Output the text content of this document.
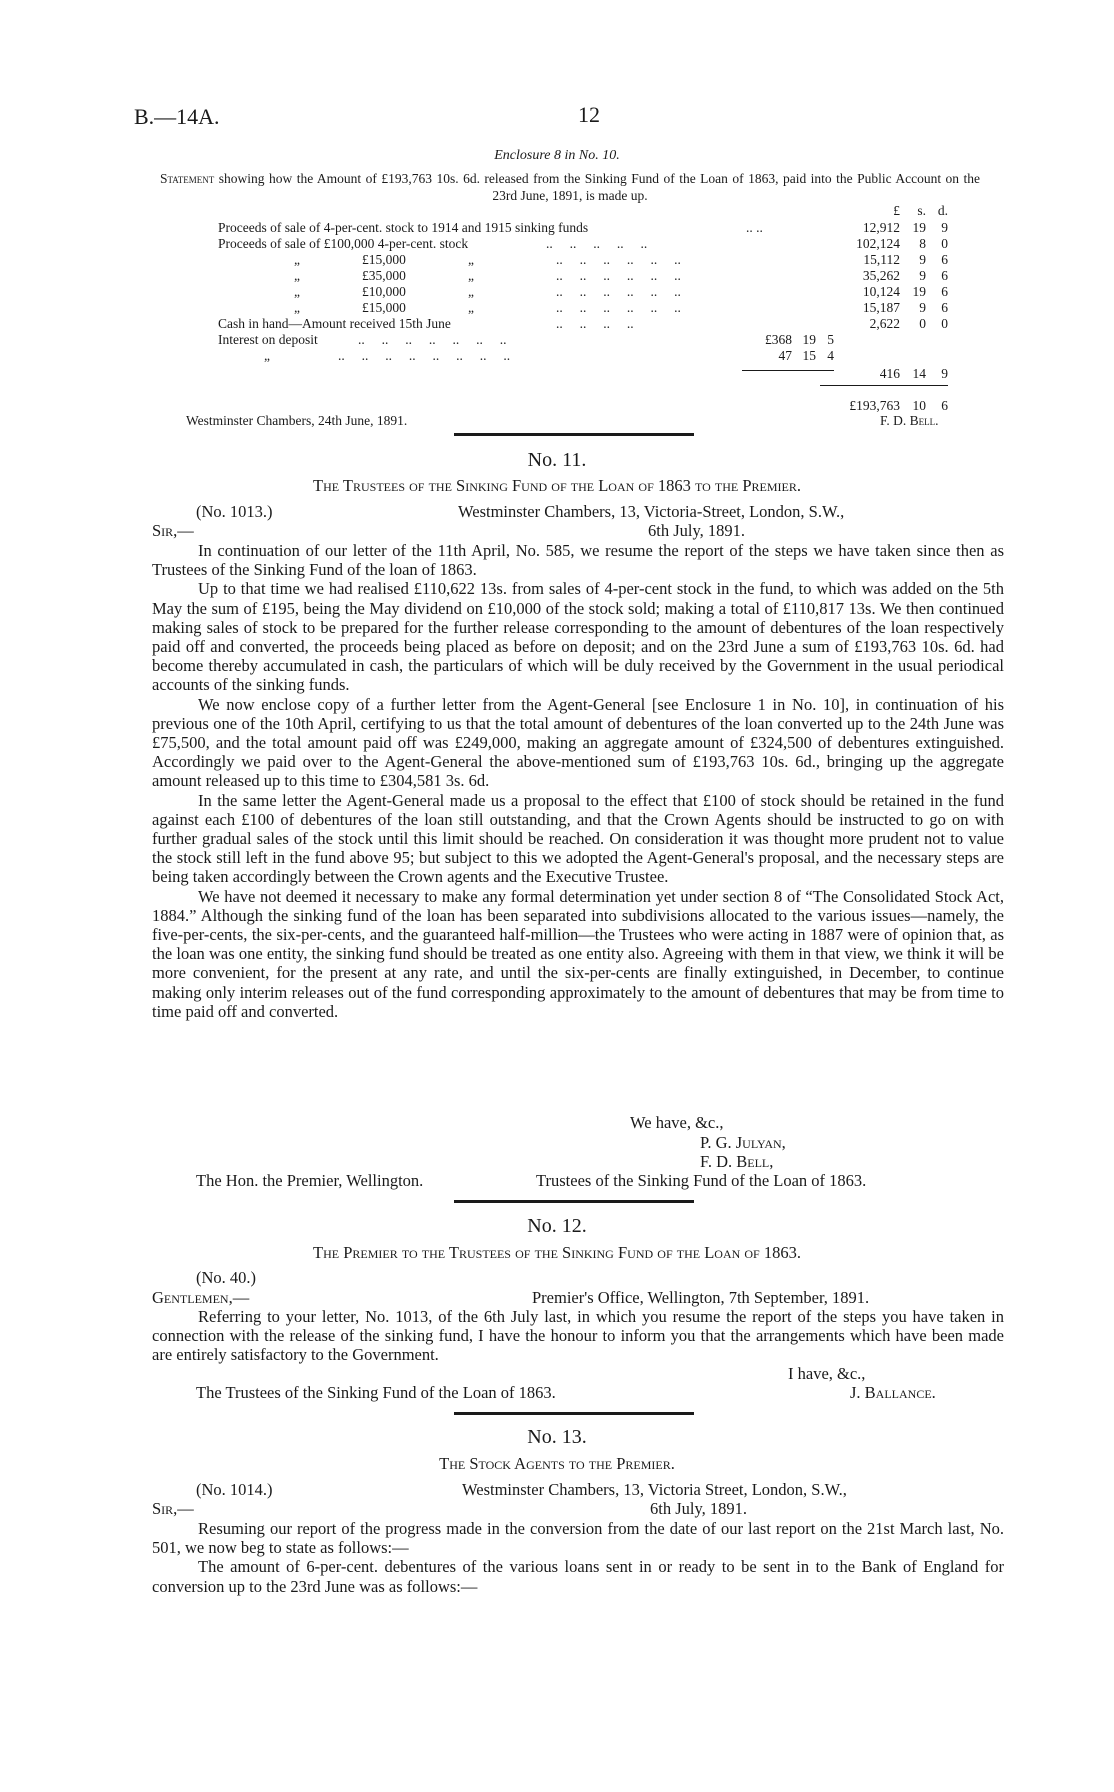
B.—14A.	12
Enclosure 8 in No. 10.

Statement showing how the Amount of £193,763 10s. 6d. released from the Sinking Fund of the Loan of 1863, paid into the Public Account on the 23rd June, 1891, is made up.

£	s. d.
Proceeds of sale of 4-per-cent. stock to 1914 and 1915 sinking funds	.. ..	12,912 19	9
Proceeds of sale of £100,000 4-per-cent. stock	..     ..     ..     ..     ..	102,124	8	0
„	£15,000	„	..     ..     ..     ..     ..     ..	15,112	9	6
„	£35,000	„	..     ..     ..     ..     ..     ..	35,262	9	6
„	£10,000	„	..     ..     ..     ..     ..     ..	10,124 19	6
„	£15,000	„	..     ..     ..     ..     ..     ..	15,187	9	6
Cash in hand—Amount received 15th June	..     ..     ..     ..	2,622	0	0
Interest on deposit	..     ..     ..     ..     ..     ..     ..	£368 19 5
„	..     ..     ..     ..     ..     ..     ..     ..	47 15 4
416 14	9
£193,763 10	6
Westminster Chambers, 24th June, 1891.	F. D. Bell.
No. 11.
The Trustees of the Sinking Fund of the Loan of 1863 to the Premier.
(No. 1013.)	Westminster Chambers, 13, Victoria-Street, London, S.W.,
Sir,—	6th July, 1891.

In continuation of our letter of the 11th April, No. 585, we resume the report of the steps we have taken since then as Trustees of the Sinking Fund of the loan of 1863.

Up to that time we had realised £110,622 13s. from sales of 4-per-cent stock in the fund, to which was added on the 5th May the sum of £195, being the May dividend on £10,000 of the stock sold; making a total of £110,817 13s. We then continued making sales of stock to be prepared for the further release corresponding to the amount of debentures of the loan respectively paid off and converted, the proceeds being placed as before on deposit; and on the 23rd June a sum of £193,763 10s. 6d. had become thereby accumulated in cash, the particulars of which will be duly received by the Government in the usual periodical accounts of the sinking funds.

We now enclose copy of a further letter from the Agent-General [see Enclosure 1 in No. 10], in continuation of his previous one of the 10th April, certifying to us that the total amount of debentures of the loan converted up to the 24th June was £75,500, and the total amount paid off was £249,000, making an aggregate amount of £324,500 of debentures extinguished. Accordingly we paid over to the Agent-General the above-mentioned sum of £193,763 10s. 6d., bringing up the aggregate amount released up to this time to £304,581 3s. 6d.

In the same letter the Agent-General made us a proposal to the effect that £100 of stock should be retained in the fund against each £100 of debentures of the loan still outstanding, and that the Crown Agents should be instructed to go on with further gradual sales of the stock until this limit should be reached. On consideration it was thought more prudent not to value the stock still left in the fund above 95; but subject to this we adopted the Agent-General's proposal, and the necessary steps are being taken accordingly between the Crown agents and the Executive Trustee.

We have not deemed it necessary to make any formal determination yet under section 8 of “The Consolidated Stock Act, 1884.” Although the sinking fund of the loan has been separated into subdivisions allocated to the various issues—namely, the five-per-cents, the six-per-cents, and the guaranteed half-million—the Trustees who were acting in 1887 were of opinion that, as the loan was one entity, the sinking fund should be treated as one entity also. Agreeing with them in that view, we think it will be more convenient, for the present at any rate, and until the six-per-cents are finally extinguished, in December, to continue making only interim releases out of the fund corresponding approximately to the amount of debentures that may be from time to time paid off and converted.

We have, &c.,
P. G. Julyan,
F. D. Bell,
The Hon. the Premier, Wellington.	Trustees of the Sinking Fund of the Loan of 1863.
No. 12.
The Premier to the Trustees of the Sinking Fund of the Loan of 1863.
(No. 40.)
Gentlemen,—	Premier's Office, Wellington, 7th September, 1891.

Referring to your letter, No. 1013, of the 6th July last, in which you resume the report of the steps you have taken in connection with the release of the sinking fund, I have the honour to inform you that the arrangements which have been made are entirely satisfactory to the Government.

I have, &c.,
The Trustees of the Sinking Fund of the Loan of 1863.	J. Ballance.
No. 13.
The Stock Agents to the Premier.
(No. 1014.)	Westminster Chambers, 13, Victoria Street, London, S.W.,
Sir,—	6th July, 1891.

Resuming our report of the progress made in the conversion from the date of our last report on the 21st March last, No. 501, we now beg to state as follows:—

The amount of 6-per-cent. debentures of the various loans sent in or ready to be sent in to the Bank of England for conversion up to the 23rd June was as follows:—
